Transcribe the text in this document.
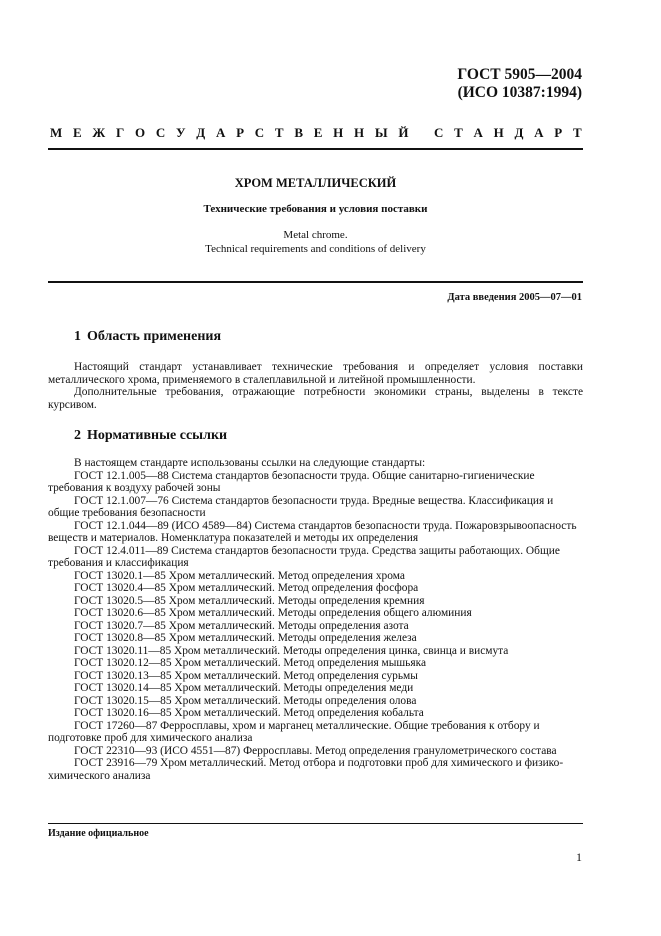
ГОСТ 5905—2004
(ИСО 10387:1994)
М Е Ж Г О С У Д А Р С Т В Е Н Н Ы Й С Т А Н Д А Р Т
ХРОМ МЕТАЛЛИЧЕСКИЙ
Технические требования и условия поставки
Metal chrome.
Technical requirements and conditions of delivery
Дата введения 2005—07—01
1 Область применения

Настоящий стандарт устанавливает технические требования и определяет условия поставки металлического хрома, применяемого в сталеплавильной и литейной промышленности.

Дополнительные требования, отражающие потребности экономики страны, выделены в тексте курсивом.

2 Нормативные ссылки

В настоящем стандарте использованы ссылки на следующие стандарты:

ГОСТ 12.1.005—88 Система стандартов безопасности труда. Общие санитарно-гигиенические требования к воздуху рабочей зоны

ГОСТ 12.1.007—76 Система стандартов безопасности труда. Вредные вещества. Классификация и общие требования безопасности

ГОСТ 12.1.044—89 (ИСО 4589—84) Система стандартов безопасности труда. Пожаровзрывоопасность веществ и материалов. Номенклатура показателей и методы их определения

ГОСТ 12.4.011—89 Система стандартов безопасности труда. Средства защиты работающих. Общие требования и классификация

ГОСТ 13020.1—85 Хром металлический. Метод определения хрома

ГОСТ 13020.4—85 Хром металлический. Метод определения фосфора

ГОСТ 13020.5—85 Хром металлический. Методы определения кремния

ГОСТ 13020.6—85 Хром металлический. Методы определения общего алюминия

ГОСТ 13020.7—85 Хром металлический. Методы определения азота

ГОСТ 13020.8—85 Хром металлический. Методы определения железа

ГОСТ 13020.11—85 Хром металлический. Методы определения цинка, свинца и висмута

ГОСТ 13020.12—85 Хром металлический. Метод определения мышьяка

ГОСТ 13020.13—85 Хром металлический. Метод определения сурьмы

ГОСТ 13020.14—85 Хром металлический. Методы определения меди

ГОСТ 13020.15—85 Хром металлический. Методы определения олова

ГОСТ 13020.16—85 Хром металлический. Метод определения кобальта

ГОСТ 17260—87 Ферросплавы, хром и марганец металлические. Общие требования к отбору и подготовке проб для химического анализа

ГОСТ 22310—93 (ИСО 4551—87) Ферросплавы. Метод определения гранулометрического состава

ГОСТ 23916—79 Хром металлический. Метод отбора и подготовки проб для химического и физико-химического анализа

Издание официальное
1
